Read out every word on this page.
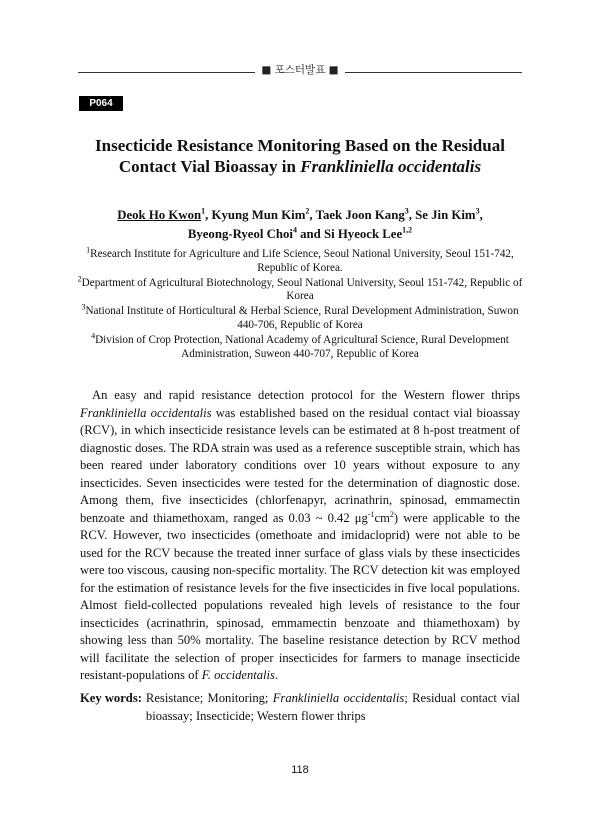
■ 포스터발표 ■
P064
Insecticide Resistance Monitoring Based on the Residual
Contact Vial Bioassay in Frankliniella occidentalis
Deok Ho Kwon$^1$, Kyung Mun Kim$^2$, Taek Joon Kang$^3$, Se Jin Kim$^3$,
Byeong-Ryeol Choi$^4$ and Si Hyeock Lee$^{1,2}$

$^1$Research Institute for Agriculture and Life Science, Seoul National University, Seoul 151-742, Republic of Korea.

$^2$Department of Agricultural Biotechnology, Seoul National University, Seoul 151-742, Republic of Korea

$^3$National Institute of Horticultural & Herbal Science, Rural Development Administration, Suwon 440-706, Republic of Korea

$^4$Division of Crop Protection, National Academy of Agricultural Science, Rural Development Administration, Suweon 440-707, Republic of Korea

An easy and rapid resistance detection protocol for the Western flower thrips Frankliniella occidentalis was established based on the residual contact vial bioassay (RCV), in which insecticide resistance levels can be estimated at 8 h-post treatment of diagnostic doses. The RDA strain was used as a reference susceptible strain, which has been reared under laboratory conditions over 10 years without exposure to any insecticides. Seven insecticides were tested for the determination of diagnostic dose. Among them, five insecticides (chlorfenapyr, acrinathrin, spinosad, emmamectin benzoate and thiamethoxam, ranged as 0.03 ~ 0.42 $\mu g^{-1}cm^2$) were applicable to the RCV. However, two insecticides (omethoate and imidacloprid) were not able to be used for the RCV because the treated inner surface of glass vials by these insecticides were too viscous, causing non-specific mortality. The RCV detection kit was employed for the estimation of resistance levels for the five insecticides in five local populations. Almost field-collected populations revealed high levels of resistance to the four insecticides (acrinathrin, spinosad, emmamectin benzoate and thiamethoxam) by showing less than 50% mortality. The baseline resistance detection by RCV method will facilitate the selection of proper insecticides for farmers to manage insecticide resistant-populations of F. occidentalis.

Key words: Resistance; Monitoring; Frankliniella occidentalis; Residual contact vial bioassay; Insecticide; Western flower thrips
118
